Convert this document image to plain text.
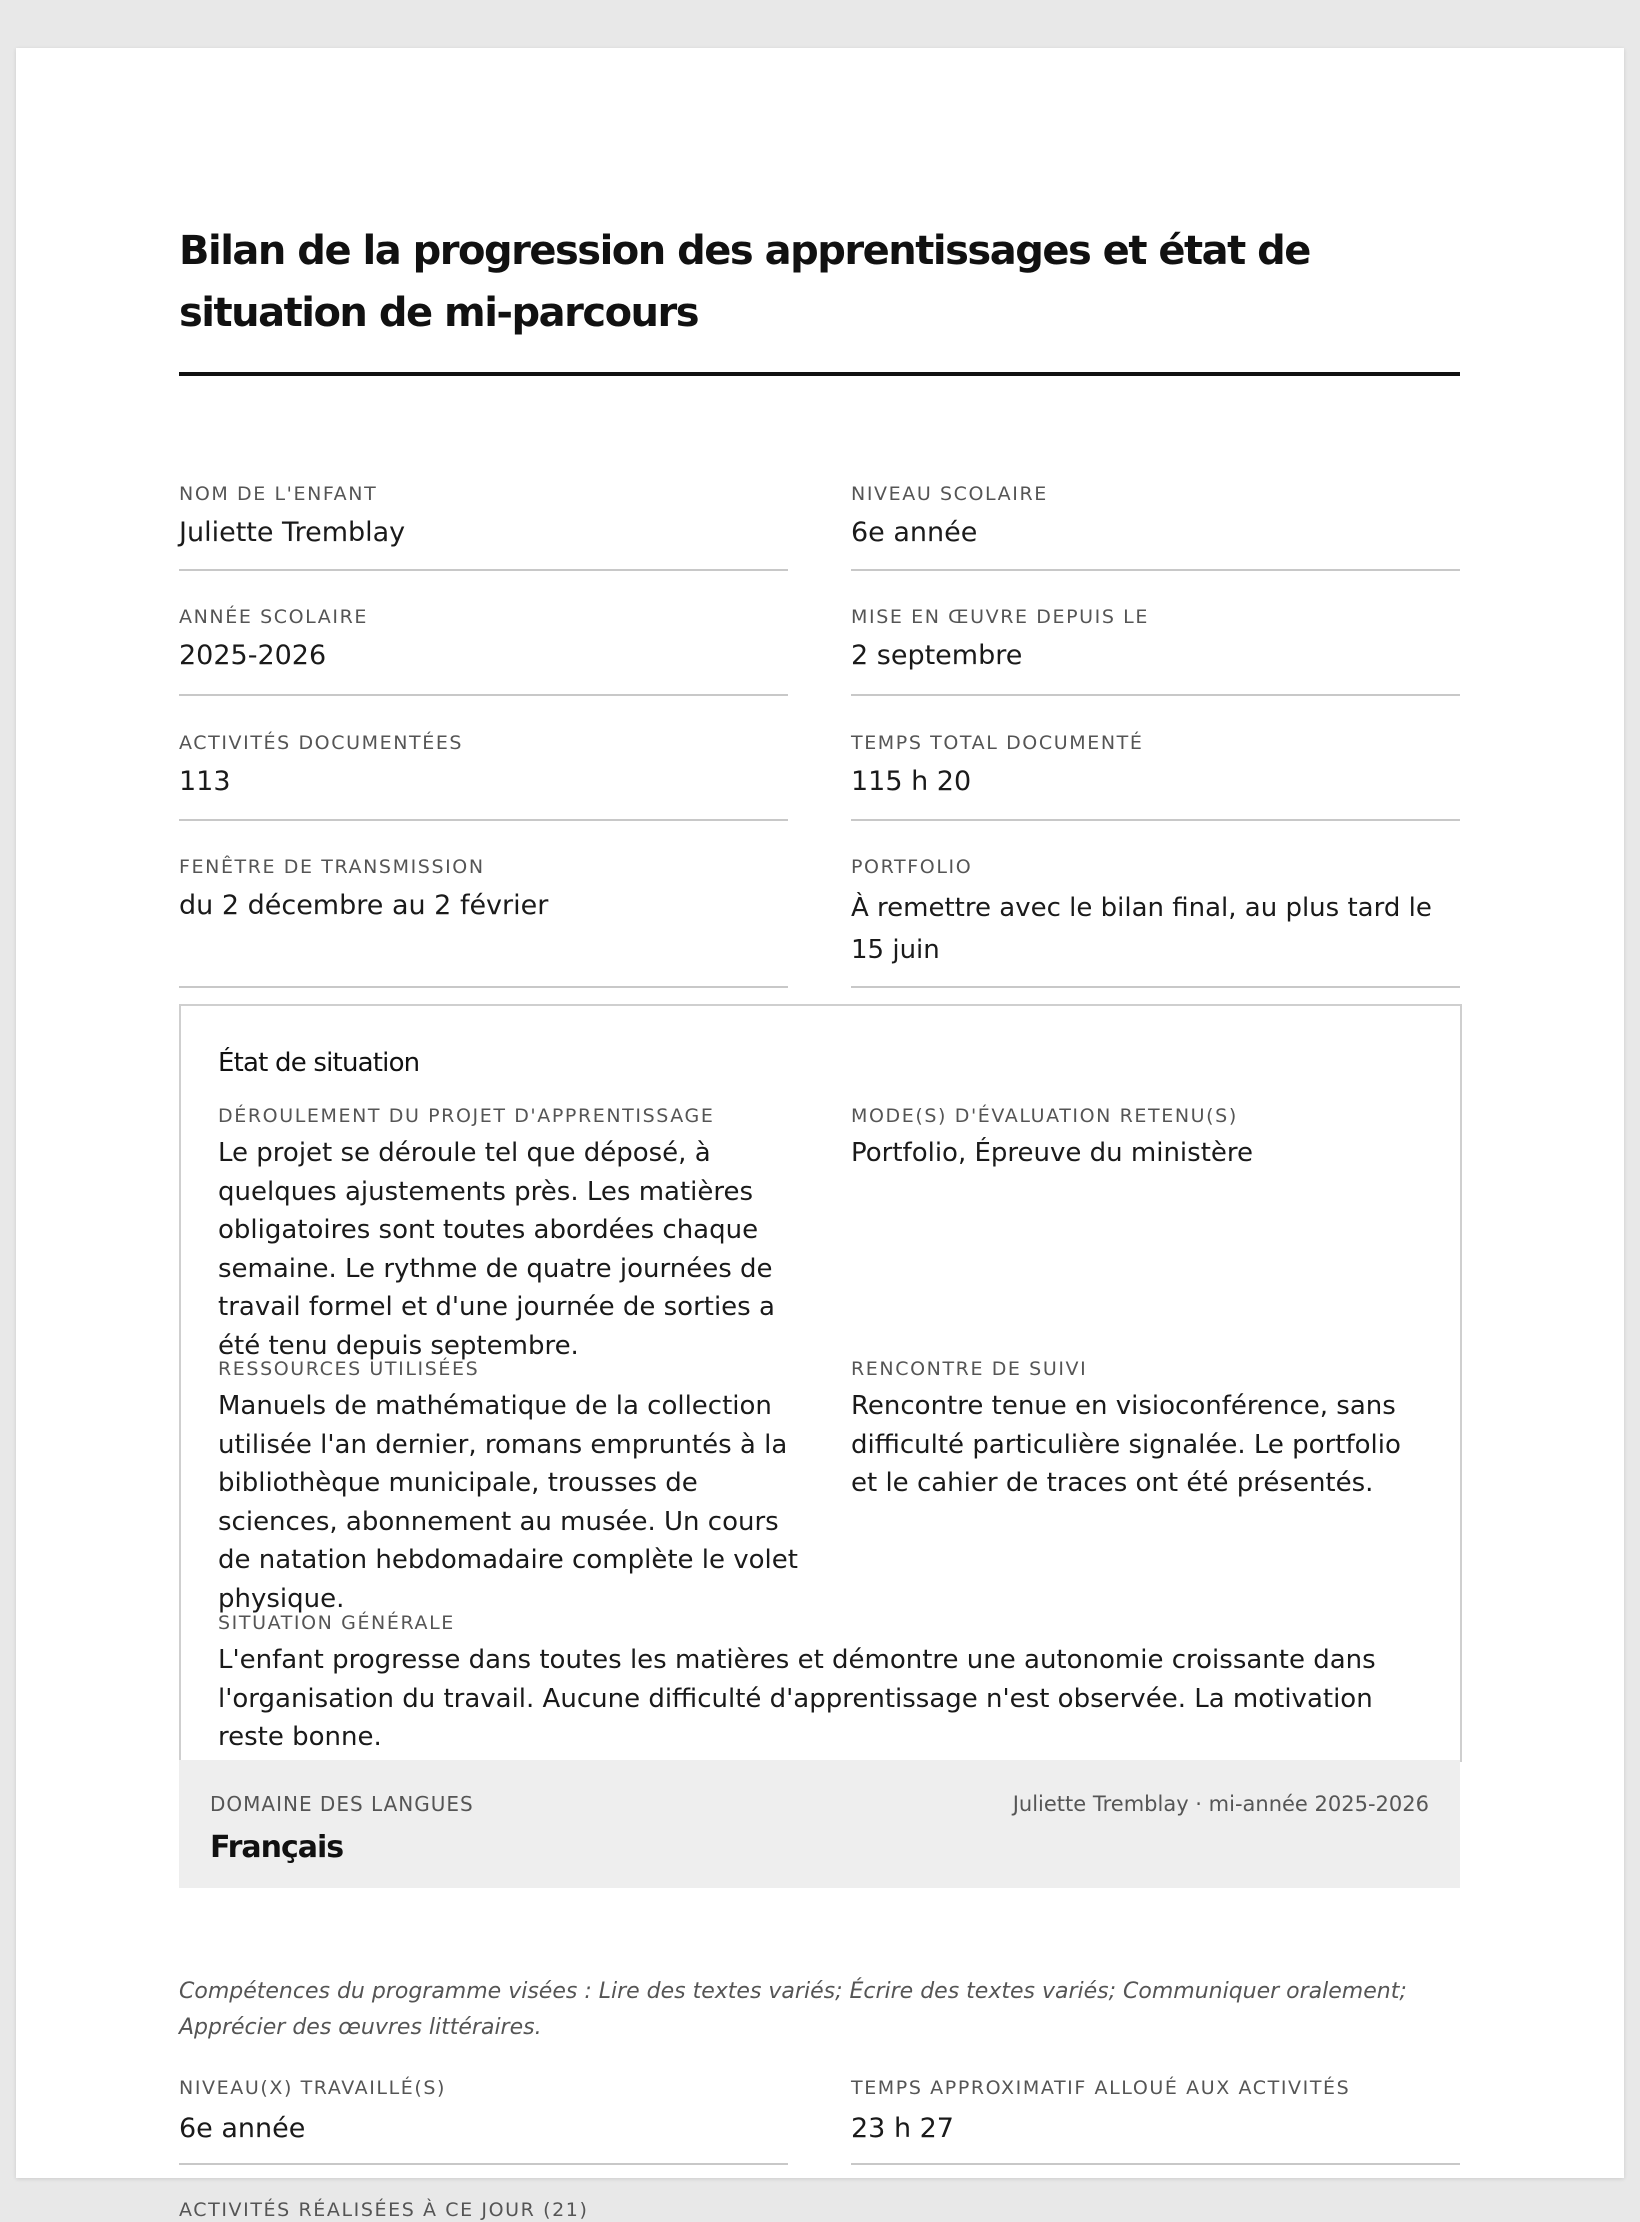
Bilan de la progression des apprentissages et état de situation de mi-parcours
NOM DE L'ENFANT
Juliette Tremblay
NIVEAU SCOLAIRE
6e année
ANNÉE SCOLAIRE
2025-2026
MISE EN ŒUVRE DEPUIS LE
2 septembre
ACTIVITÉS DOCUMENTÉES
113
TEMPS TOTAL DOCUMENTÉ
115 h 20
FENÊTRE DE TRANSMISSION
du 2 décembre au 2 février
PORTFOLIO
À remettre avec le bilan final, au plus tard le 15 juin
État de situation
DÉROULEMENT DU PROJET D'APPRENTISSAGE
Le projet se déroule tel que déposé, à quelques ajustements près. Les matières obligatoires sont toutes abordées chaque semaine. Le rythme de quatre journées de travail formel et d'une journée de sorties a été tenu depuis septembre.
MODE(S) D'ÉVALUATION RETENU(S)
Portfolio, Épreuve du ministère
RESSOURCES UTILISÉES
Manuels de mathématique de la collection utilisée l'an dernier, romans empruntés à la bibliothèque municipale, trousses de sciences, abonnement au musée. Un cours de natation hebdomadaire complète le volet physique.
RENCONTRE DE SUIVI
Rencontre tenue en visioconférence, sans difficulté particulière signalée. Le portfolio et le cahier de traces ont été présentés.
SITUATION GÉNÉRALE
L'enfant progresse dans toutes les matières et démontre une autonomie croissante dans l'organisation du travail. Aucune difficulté d'apprentissage n'est observée. La motivation reste bonne.
DOMAINE DES LANGUES	Juliette Tremblay · mi-année 2025-2026
Français
Compétences du programme visées : Lire des textes variés; Écrire des textes variés; Communiquer oralement; Apprécier des œuvres littéraires.
NIVEAU(X) TRAVAILLÉ(S)
6e année
TEMPS APPROXIMATIF ALLOUÉ AUX ACTIVITÉS
23 h 27
ACTIVITÉS RÉALISÉES À CE JOUR (21)
